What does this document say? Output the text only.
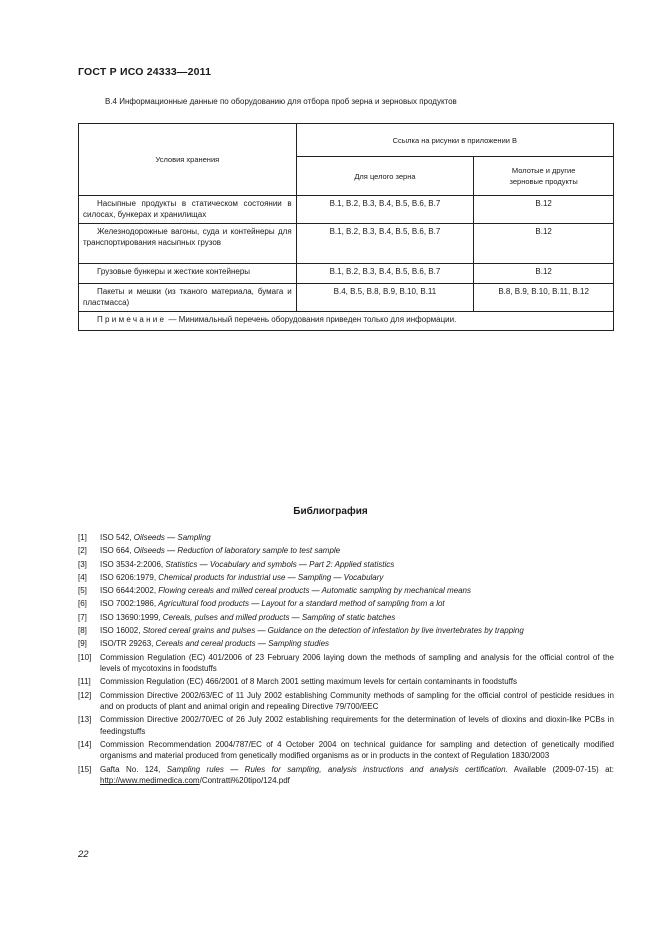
ГОСТ Р ИСО 24333—2011
В.4 Информационные данные по оборудованию для отбора проб зерна и зерновых продуктов
Условия хранения	Ссылка на рисунки в приложении В	
	Для целого зерна	Молотые и другие
зерновые продукты
Насыпные продукты в статическом состоянии в силосах, бункерах и хранилищах	В.1, В.2, В.3, В.4, В.5, В.6, В.7	В.12
Железнодорожные вагоны, суда и контейнеры для транспортирования насыпных грузов	В.1, В.2, В.3, В.4, В.5, В.6, В.7	В.12
Грузовые бункеры и жесткие контейнеры	В.1, В.2, В.3, В.4, В.5, В.6, В.7	В.12
Пакеты и мешки (из тканого материала, бумага и пластмасса)	В.4, В.5, В.8, В.9, В.10, В.11	В.8, В.9, В.10, В.11, В.12
Примечание — Минимальный перечень оборудования приведен только для информации.		
Библиография
[1]	ISO 542, Oilseeds — Sampling
[2]	ISO 664, Oilseeds — Reduction of laboratory sample to test sample
[3]	ISO 3534-2:2006, Statistics — Vocabulary and symbols — Part 2: Applied statistics
[4]	ISO 6206:1979, Chemical products for industrial use — Sampling — Vocabulary
[5]	ISO 6644:2002, Flowing cereals and milled cereal products — Automatic sampling by mechanical means
[6]	ISO 7002:1986, Agricultural food products — Layout for a standard method of sampling from a lot
[7]	ISO 13690:1999, Cereals, pulses and milled products — Sampling of static batches
[8]	ISO 16002, Stored cereal grains and pulses — Guidance on the detection of infestation by live invertebrates by trapping
[9]	ISO/TR 29263, Cereals and cereal products — Sampling studies
[10]	Commission Regulation (EC) 401/2006 of 23 February 2006 laying down the methods of sampling and analysis for the official control of the levels of mycotoxins in foodstuffs
[11]	Commission Regulation (EC) 466/2001 of 8 March 2001 setting maximum levels for certain contaminants in foodstuffs
[12]	Commission Directive 2002/63/EC of 11 July 2002 establishing Community methods of sampling for the official control of pesticide residues in and on products of plant and animal origin and repealing Directive 79/700/EEC
[13]	Commission Directive 2002/70/EC of 26 July 2002 establishing requirements for the determination of levels of dioxins and dioxin-like PCBs in feedingstuffs
[14]	Commission Recommendation 2004/787/EC of 4 October 2004 on technical guidance for sampling and detection of genetically modified organisms and material produced from genetically modified organisms as or in products in the context of Regulation 1830/2003
[15]	Gafta No. 124, Sampling rules — Rules for sampling, analysis instructions and analysis certification. Available (2009-07-15) at: http://www.medimedica.com/Contratti%20tipo/124.pdf
22
